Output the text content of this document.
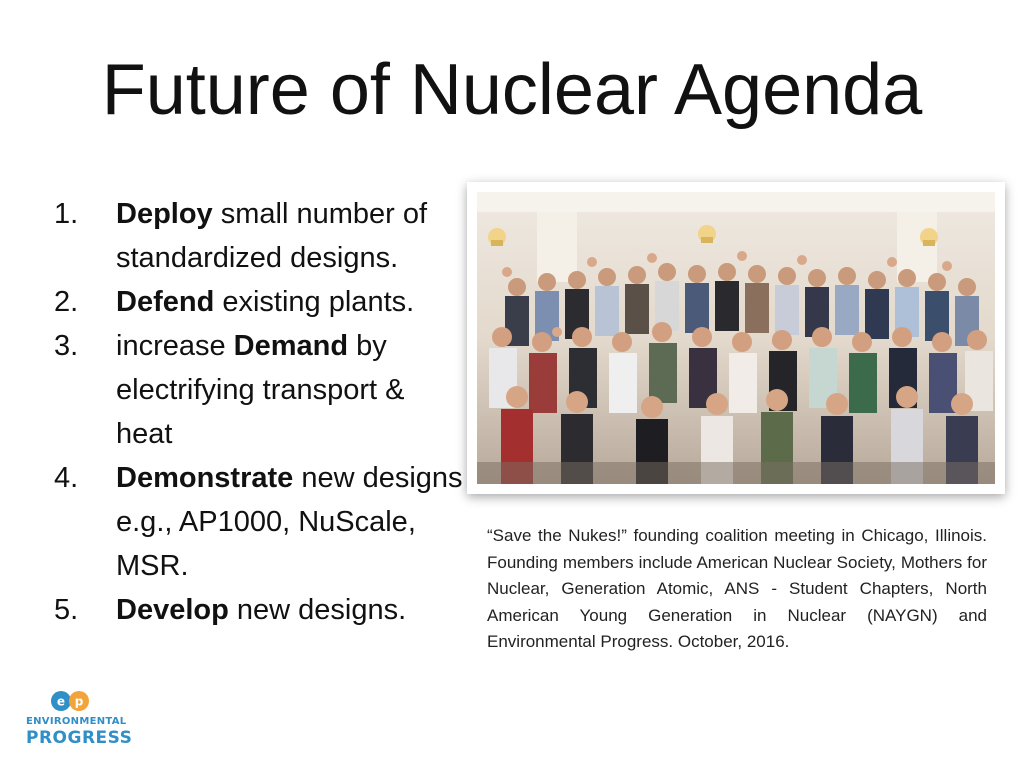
Future of Nuclear Agenda
1. Deploy small number of standardized designs.
2. Defend existing plants.
3. increase Demand by electrifying transport & heat
4. Demonstrate new designs e.g., AP1000, NuScale, MSR.
5. Develop new designs.
“Save the Nukes!” founding coalition meeting in Chicago, Illinois. Founding members include American Nuclear Society, Mothers for Nuclear, Generation Atomic, ANS - Student Chapters, North American Young Generation in Nuclear (NAYGN) and Environmental Progress. October, 2016.
e p
ENVIRONMENTAL
PROGRESS
